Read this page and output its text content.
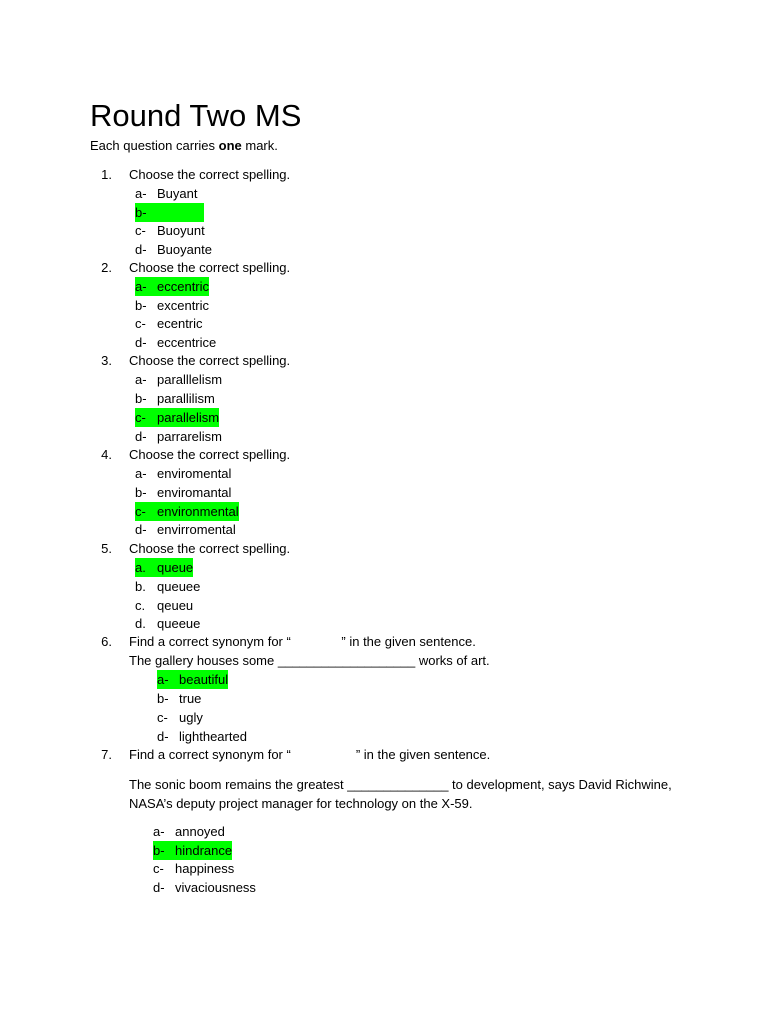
Round Two MS
Each question carries one mark.
1. Choose the correct spelling.
a- Buyant
b-
c- Buoyunt
d- Buoyante
2. Choose the correct spelling.
a- eccentric
b- excentric
c- ecentric
d- eccentrice
3. Choose the correct spelling.
a- paralllelism
b- parallilism
c- parallelism
d- parrarelism
4. Choose the correct spelling.
a- enviromental
b- enviromantal
c- environmental
d- envirromental
5. Choose the correct spelling.
a. queue
b. queuee
c. qeueu
d. queeue
6. Find a correct synonym for “              ” in the given sentence.
The gallery houses some ___________________ works of art.
a- beautiful
b- true
c- ugly
d- lighthearted
7. Find a correct synonym for “                  ” in the given sentence.
The sonic boom remains the greatest ______________ to development, says David Richwine,
NASA’s deputy project manager for technology on the X-59.
a- annoyed
b- hindrance
c- happiness
d- vivaciousness
